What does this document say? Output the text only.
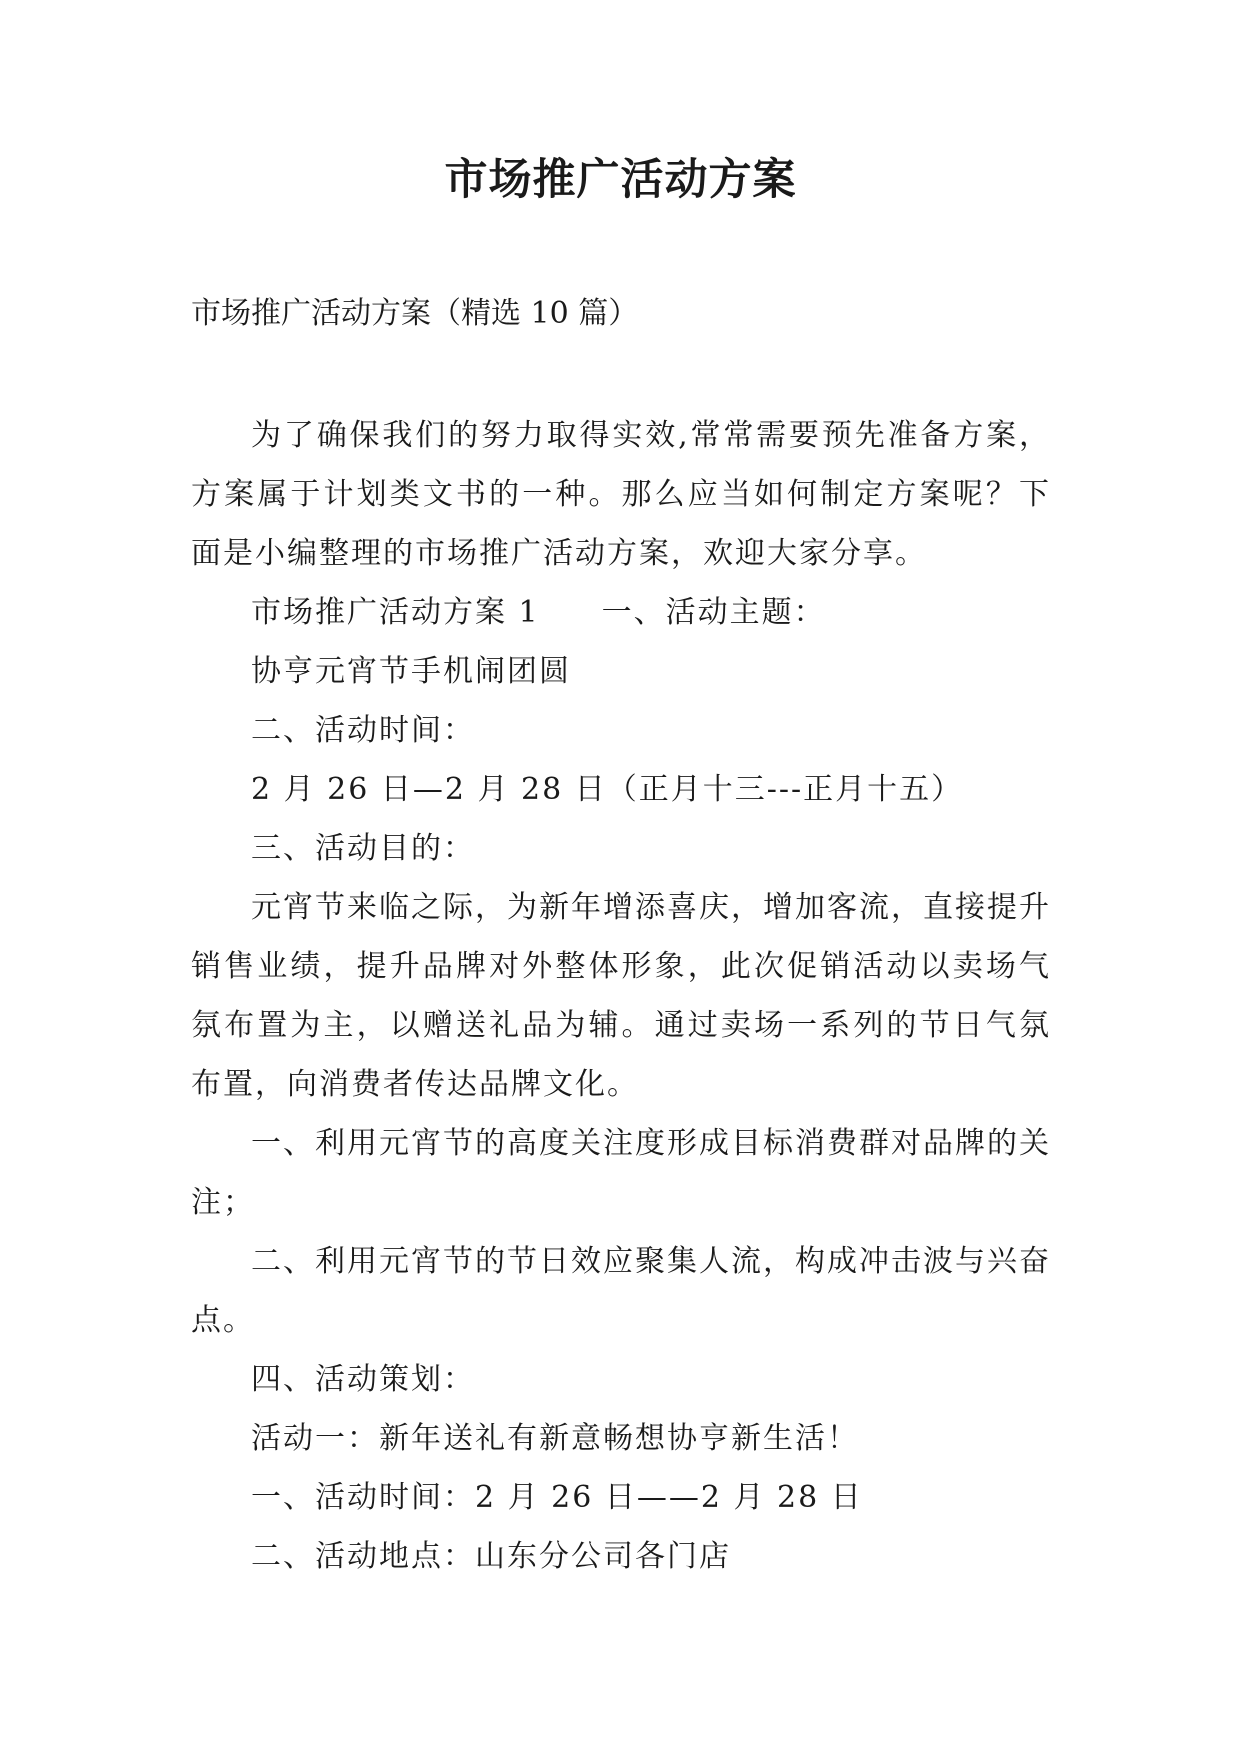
市场推广活动方案
市场推广活动方案（精选 10 篇）

为了确保我们的努力取得实效,常常需要预先准备方案，方案属于计划类文书的一种。那么应当如何制定方案呢？下面是小编整理的市场推广活动方案，欢迎大家分享。

市场推广活动方案 1 一、活动主题：

协亨元宵节手机闹团圆

二、活动时间：

2 月 26 日—2 月 28 日（正月十三---正月十五）

三、活动目的：

元宵节来临之际，为新年增添喜庆，增加客流，直接提升销售业绩，提升品牌对外整体形象，此次促销活动以卖场气氛布置为主，以赠送礼品为辅。通过卖场一系列的节日气氛布置，向消费者传达品牌文化。

一、利用元宵节的高度关注度形成目标消费群对品牌的关注；

二、利用元宵节的节日效应聚集人流，构成冲击波与兴奋点。

四、活动策划：

活动一：新年送礼有新意畅想协亨新生活！

一、活动时间：2 月 26 日——2 月 28 日

二、活动地点：山东分公司各门店
